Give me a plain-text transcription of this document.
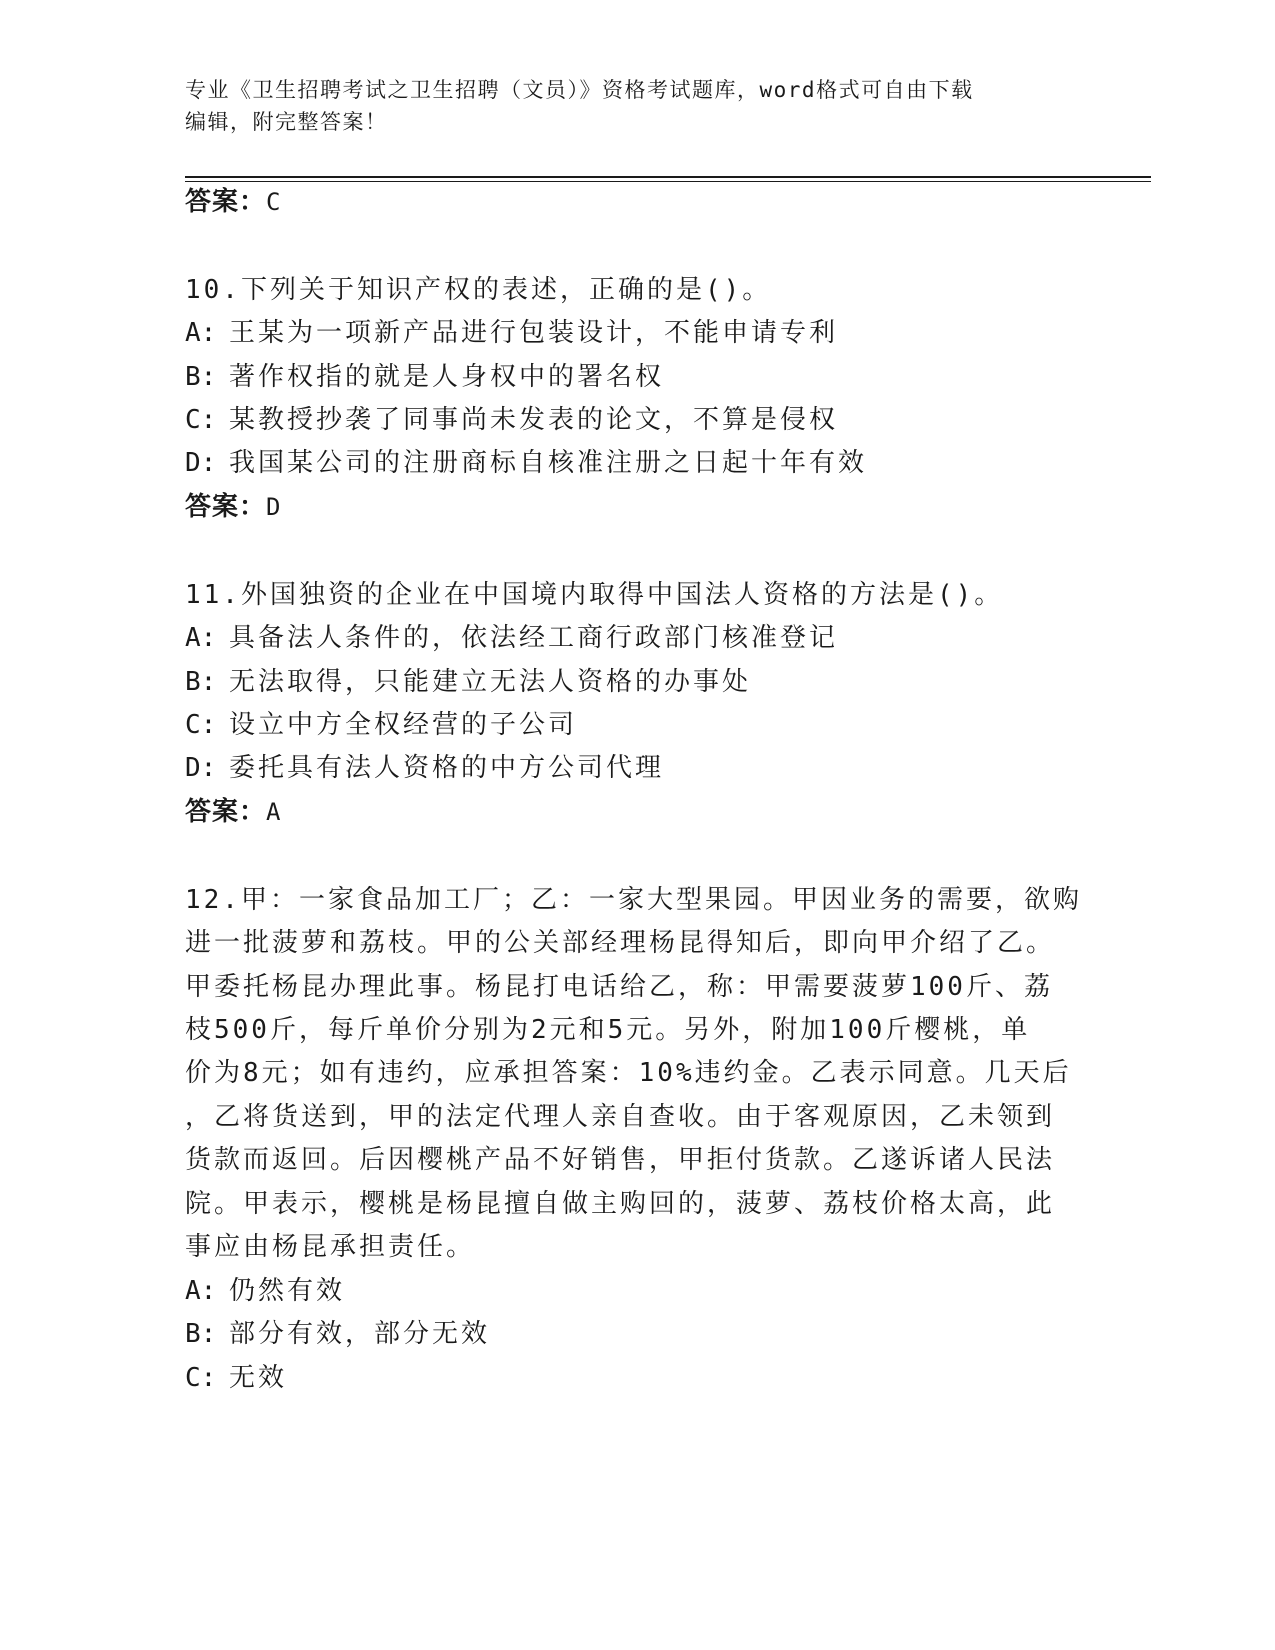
专业《卫生招聘考试之卫生招聘（文员）》资格考试题库，word格式可自由下载
编辑，附完整答案！
答案：C
10.下列关于知识产权的表述，正确的是()。
A: 王某为一项新产品进行包装设计，不能申请专利
B: 著作权指的就是人身权中的署名权
C: 某教授抄袭了同事尚未发表的论文，不算是侵权
D: 我国某公司的注册商标自核准注册之日起十年有效
答案：D
11.外国独资的企业在中国境内取得中国法人资格的方法是()。
A: 具备法人条件的，依法经工商行政部门核准登记
B: 无法取得，只能建立无法人资格的办事处
C: 设立中方全权经营的子公司
D: 委托具有法人资格的中方公司代理
答案：A
12.甲：一家食品加工厂；乙：一家大型果园。甲因业务的需要，欲购
进一批菠萝和荔枝。甲的公关部经理杨昆得知后，即向甲介绍了乙。
甲委托杨昆办理此事。杨昆打电话给乙，称：甲需要菠萝100斤、荔
枝500斤，每斤单价分别为2元和5元。另外，附加100斤樱桃，单
价为8元；如有违约，应承担答案：10%违约金。乙表示同意。几天后
，乙将货送到，甲的法定代理人亲自查收。由于客观原因，乙未领到
货款而返回。后因樱桃产品不好销售，甲拒付货款。乙遂诉诸人民法
院。甲表示，樱桃是杨昆擅自做主购回的，菠萝、荔枝价格太高，此
事应由杨昆承担责任。
A: 仍然有效
B: 部分有效，部分无效
C: 无效
